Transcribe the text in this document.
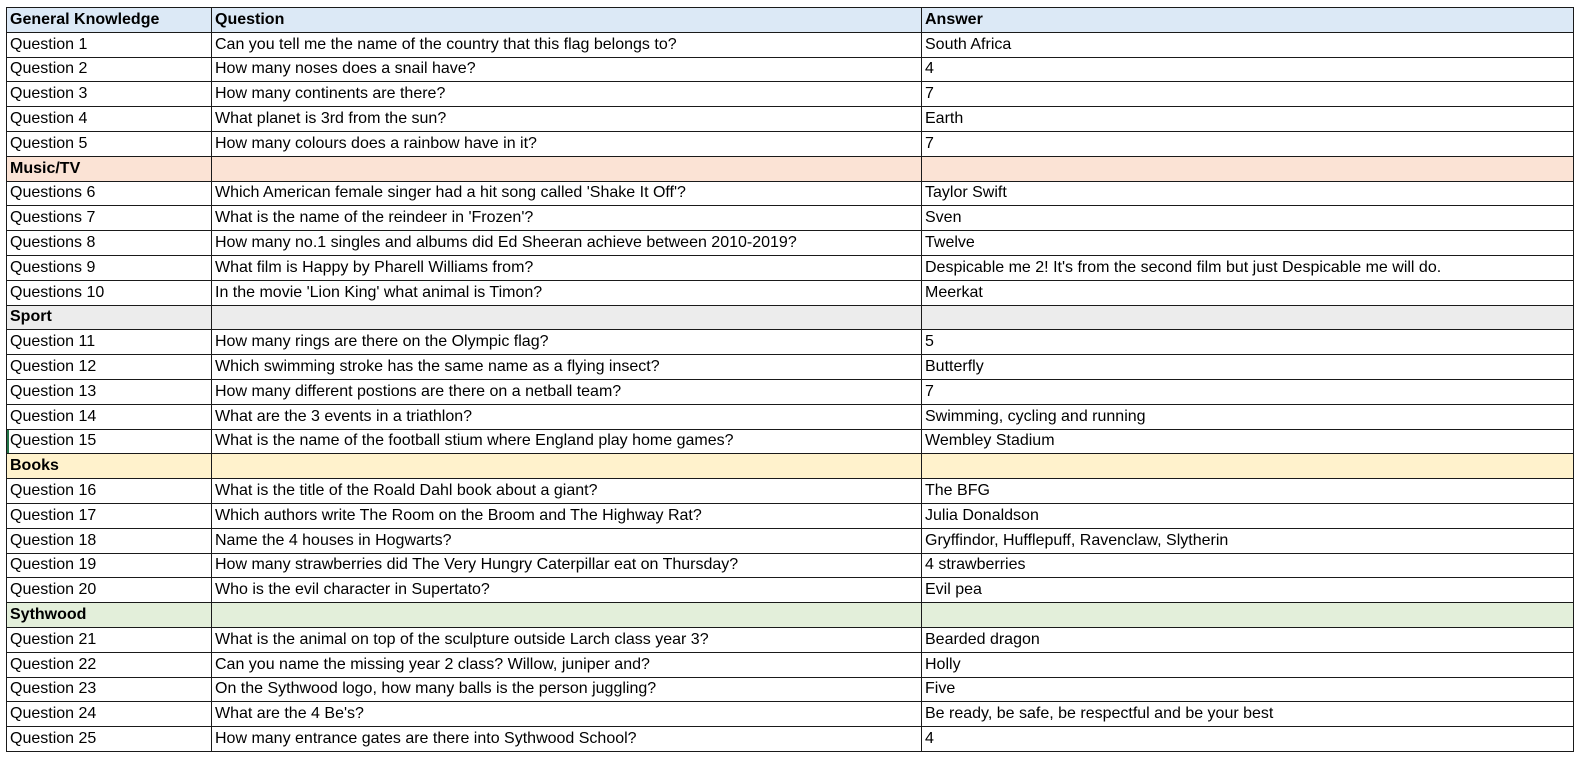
General Knowledge	Question	Answer
Question 1	Can you tell me the name of the country that this flag belongs to?	South Africa
Question 2	How many noses does a snail have?	4
Question 3	How many continents are there?	7
Question 4	What planet is 3rd from the sun?	Earth
Question 5	How many colours does a rainbow have in it?	7
Music/TV		
Questions 6	Which American female singer had a hit song called 'Shake It Off'?	Taylor Swift
Questions 7	What is the name of the reindeer in 'Frozen'?	Sven
Questions 8	How many no.1 singles and albums did Ed Sheeran achieve between 2010-2019?	Twelve
Questions 9	What film is Happy by Pharell Williams from?	Despicable me 2! It's from the second film but just Despicable me will do.
Questions 10	In the movie 'Lion King' what animal is Timon?	Meerkat
Sport		
Question 11	How many rings are there on the Olympic flag?	5
Question 12	Which swimming stroke has the same name as a flying insect?	Butterfly
Question 13	How many different postions are there on a netball team?	7
Question 14	What are the 3 events in a triathlon?	Swimming, cycling and running
Question 15	What is the name of the football stium where England play home games?	Wembley Stadium
Books		
Question 16	What is the title of the Roald Dahl book about a giant?	The BFG
Question 17	Which authors write The Room on the Broom and The Highway Rat?	Julia Donaldson
Question 18	Name the 4 houses in Hogwarts?	Gryffindor, Hufflepuff, Ravenclaw, Slytherin
Question 19	How many strawberries did The Very Hungry Caterpillar eat on Thursday?	4 strawberries
Question 20	Who is the evil character in Supertato?	Evil pea
Sythwood		
Question 21	What is the animal on top of the sculpture outside Larch class year 3?	Bearded dragon
Question 22	Can you name the missing year 2 class? Willow, juniper and?	Holly
Question 23	On the Sythwood logo, how many balls is the person juggling?	Five
Question 24	What are the 4 Be's?	Be ready, be safe, be respectful and be your best
Question 25	How many entrance gates are there into Sythwood School?	4
